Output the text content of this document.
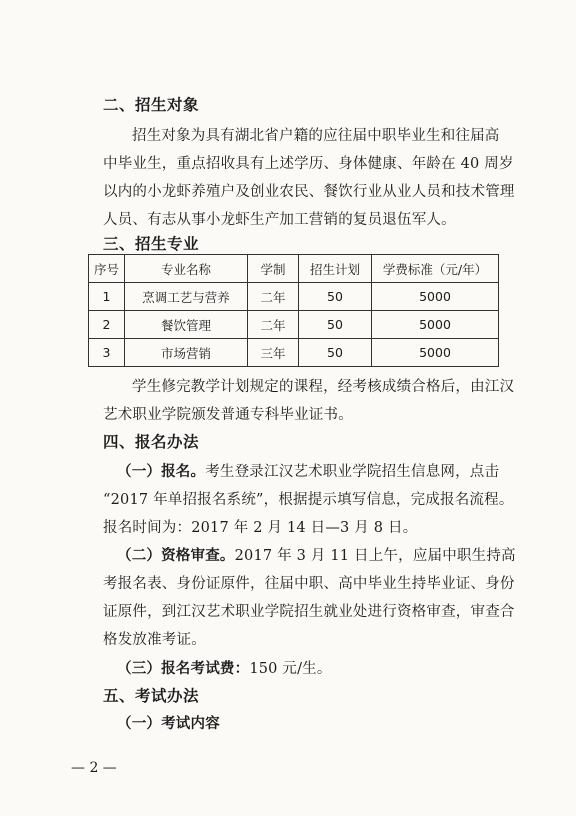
二、招生对象
招生对象为具有湖北省户籍的应往届中职毕业生和往届高
中毕业生，重点招收具有上述学历、身体健康、年龄在 40 周岁
以内的小龙虾养殖户及创业农民、餐饮行业从业人员和技术管理
人员、有志从事小龙虾生产加工营销的复员退伍军人。
三、招生专业
序号	专业名称	学制	招生计划	学费标准（元/年）
1	烹调工艺与营养	二年	50	5000
2	餐饮管理	二年	50	5000
3	市场营销	三年	50	5000
学生修完教学计划规定的课程，经考核成绩合格后，由江汉
艺术职业学院颁发普通专科毕业证书。
四、报名办法
（一）报名。考生登录江汉艺术职业学院招生信息网，点击
“2017 年单招报名系统”，根据提示填写信息，完成报名流程。
报名时间为：2017 年 2 月 14 日—3 月 8 日。
（二）资格审查。2017 年 3 月 11 日上午，应届中职生持高
考报名表、身份证原件，往届中职、高中毕业生持毕业证、身份
证原件，到江汉艺术职业学院招生就业处进行资格审查，审查合
格发放准考证。
（三）报名考试费：150 元/生。
五、考试办法
（一）考试内容
— 2 —
